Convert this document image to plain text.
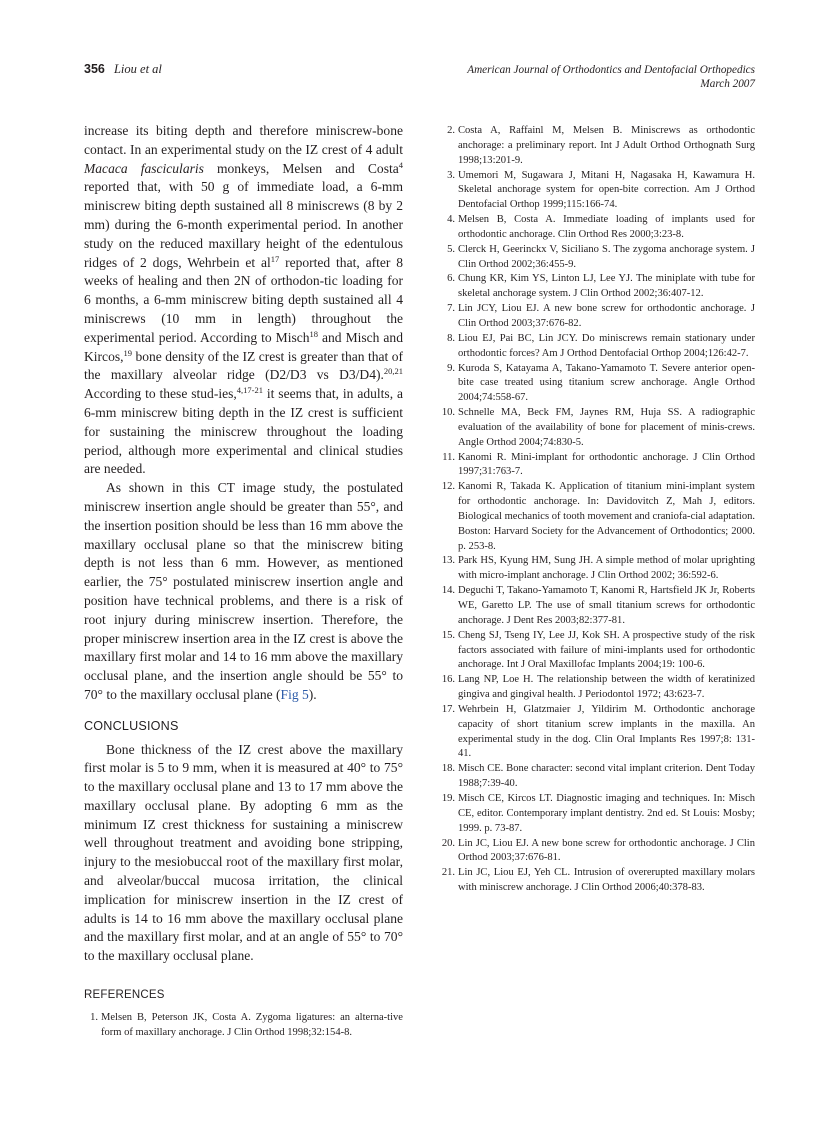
356 Liou et al	American Journal of Orthodontics and Dentofacial Orthopedics
March 2007

increase its biting depth and therefore miniscrew-bone contact. In an experimental study on the IZ crest of 4 adult Macaca fascicularis monkeys, Melsen and Costa$^4$ reported that, with 50 g of immediate load, a 6-mm miniscrew biting depth sustained all 8 miniscrews (8 by 2 mm) during the 6-month experimental period. In another study on the reduced maxillary height of the edentulous ridges of 2 dogs, Wehrbein et $al^{17}$ reported that, after 8 weeks of healing and then 2N of orthodon-tic loading for 6 months, a 6-mm miniscrew biting depth sustained all 4 miniscrews (10 mm in length) throughout the experimental period. According to Misch$^{18}$ and Misch and Kircos,$^{19}$ bone density of the IZ crest is greater than that of the maxillary alveolar ridge (D2/D3 vs D3/D4).$^{20,21}$ According to these stud-ies,$^{4,17-21}$ it seems that, in adults, a 6-mm miniscrew biting depth in the IZ crest is sufficient for sustaining the miniscrew throughout the loading period, although more experimental and clinical studies are needed.

As shown in this CT image study, the postulated miniscrew insertion angle should be greater than 55°, and the insertion position should be less than 16 mm above the maxillary occlusal plane so that the miniscrew biting depth is not less than 6 mm. However, as mentioned earlier, the 75° postulated miniscrew insertion angle and position have technical problems, and there is a risk of root injury during miniscrew insertion. Therefore, the proper miniscrew insertion area in the IZ crest is above the maxillary first molar and 14 to 16 mm above the maxillary occlusal plane, and the insertion angle should be 55° to 70° to the maxillary occlusal plane (Fig 5).

CONCLUSIONS

Bone thickness of the IZ crest above the maxillary first molar is 5 to 9 mm, when it is measured at 40° to 75° to the maxillary occlusal plane and 13 to 17 mm above the maxillary occlusal plane. By adopting 6 mm as the minimum IZ crest thickness for sustaining a miniscrew well throughout treatment and avoiding bone stripping, injury to the mesiobuccal root of the maxillary first molar, and alveolar/buccal mucosa irritation, the clinical implication for miniscrew insertion in the IZ crest of adults is 14 to 16 mm above the maxillary occlusal plane and the maxillary first molar, and at an angle of 55° to 70° to the maxillary occlusal plane.

REFERENCES
1. Melsen B, Peterson JK, Costa A. Zygoma ligatures: an alterna-tive form of maxillary anchorage. J Clin Orthod 1998;32:154-8.
2. Costa A, Raffainl M, Melsen B. Miniscrews as orthodontic anchorage: a preliminary report. Int J Adult Orthod Orthognath Surg 1998;13:201-9.
3. Umemori M, Sugawara J, Mitani H, Nagasaka H, Kawamura H. Skeletal anchorage system for open-bite correction. Am J Orthod Dentofacial Orthop 1999;115:166-74.
4. Melsen B, Costa A. Immediate loading of implants used for orthodontic anchorage. Clin Orthod Res 2000;3:23-8.
5. Clerck H, Geerinckx V, Siciliano S. The zygoma anchorage system. J Clin Orthod 2002;36:455-9.
6. Chung KR, Kim YS, Linton LJ, Lee YJ. The miniplate with tube for skeletal anchorage system. J Clin Orthod 2002;36:407-12.
7. Lin JCY, Liou EJ. A new bone screw for orthodontic anchorage. J Clin Orthod 2003;37:676-82.
8. Liou EJ, Pai BC, Lin JCY. Do miniscrews remain stationary under orthodontic forces? Am J Orthod Dentofacial Orthop 2004;126:42-7.
9. Kuroda S, Katayama A, Takano-Yamamoto T. Severe anterior open-bite case treated using titanium screw anchorage. Angle Orthod 2004;74:558-67.
10. Schnelle MA, Beck FM, Jaynes RM, Huja SS. A radiographic evaluation of the availability of bone for placement of minis-crews. Angle Orthod 2004;74:830-5.
11. Kanomi R. Mini-implant for orthodontic anchorage. J Clin Orthod 1997;31:763-7.
12. Kanomi R, Takada K. Application of titanium mini-implant system for orthodontic anchorage. In: Davidovitch Z, Mah J, editors. Biological mechanics of tooth movement and craniofa-cial adaptation. Boston: Harvard Society for the Advancement of Orthodontics; 2000. p. 253-8.
13. Park HS, Kyung HM, Sung JH. A simple method of molar uprighting with micro-implant anchorage. J Clin Orthod 2002; 36:592-6.
14. Deguchi T, Takano-Yamamoto T, Kanomi R, Hartsfield JK Jr, Roberts WE, Garetto LP. The use of small titanium screws for orthodontic anchorage. J Dent Res 2003;82:377-81.
15. Cheng SJ, Tseng IY, Lee JJ, Kok SH. A prospective study of the risk factors associated with failure of mini-implants used for orthodontic anchorage. Int J Oral Maxillofac Implants 2004;19: 100-6.
16. Lang NP, Loe H. The relationship between the width of keratinized gingiva and gingival health. J Periodontol 1972; 43:623-7.
17. Wehrbein H, Glatzmaier J, Yildirim M. Orthodontic anchorage capacity of short titanium screw implants in the maxilla. An experimental study in the dog. Clin Oral Implants Res 1997;8: 131-41.
18. Misch CE. Bone character: second vital implant criterion. Dent Today 1988;7:39-40.
19. Misch CE, Kircos LT. Diagnostic imaging and techniques. In: Misch CE, editor. Contemporary implant dentistry. 2nd ed. St Louis: Mosby; 1999. p. 73-87.
20. Lin JC, Liou EJ. A new bone screw for orthodontic anchorage. J Clin Orthod 2003;37:676-81.
21. Lin JC, Liou EJ, Yeh CL. Intrusion of overerupted maxillary molars with miniscrew anchorage. J Clin Orthod 2006;40:378-83.
